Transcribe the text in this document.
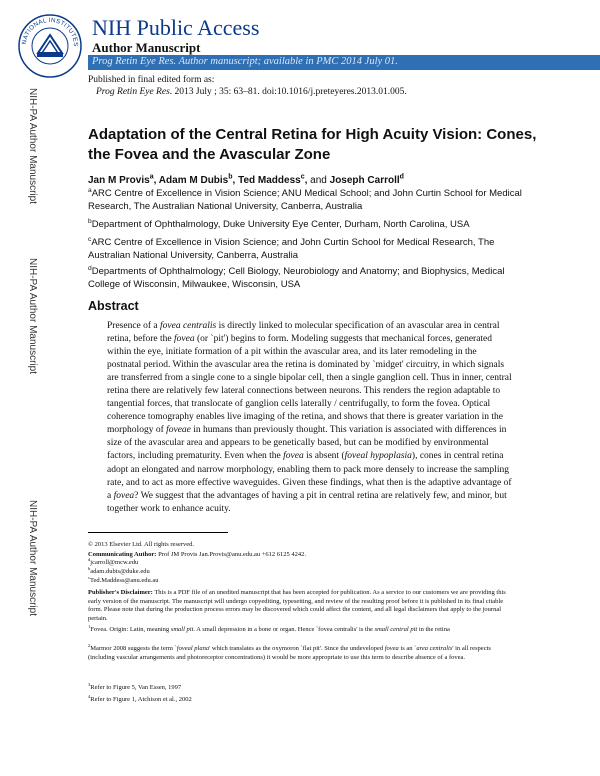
NATIONAL INSTITUTES
NIH Public Access
Author Manuscript
Prog Retin Eye Res. Author manuscript; available in PMC 2014 July 01.
NIH-PA Author Manuscript
NIH-PA Author Manuscript
NIH-PA Author Manuscript
Published in final edited form as:
Prog Retin Eye Res. 2013 July ; 35: 63–81. doi:10.1016/j.preteyeres.2013.01.005.
Adaptation of the Central Retina for High Acuity Vision: Cones, the Fovea and the Avascular Zone
Jan M Provis$^a$, Adam M Dubis$^b$, Ted Maddess$^c$, and Joseph Carroll$^d$
$^a$ARC Centre of Excellence in Vision Science; ANU Medical School; and John Curtin School for Medical Research, The Australian National University, Canberra, Australia
$^b$Department of Ophthalmology, Duke University Eye Center, Durham, North Carolina, USA
$^c$ARC Centre of Excellence in Vision Science; and John Curtin School for Medical Research, The Australian National University, Canberra, Australia
$^d$Departments of Ophthalmology; Cell Biology, Neurobiology and Anatomy; and Biophysics, Medical College of Wisconsin, Milwaukee, Wisconsin, USA
Abstract
Presence of a fovea centralis is directly linked to molecular specification of an avascular area in central retina, before the fovea (or `pit') begins to form. Modeling suggests that mechanical forces, generated within the eye, initiate formation of a pit within the avascular area, and its later remodeling in the postnatal period. Within the avascular area the retina is dominated by `midget' circuitry, in which signals are transferred from a single cone to a single bipolar cell, then a single ganglion cell. Thus in inner, central retina there are relatively few lateral connections between neurons. This renders the region adaptable to tangential forces, that translocate of ganglion cells laterally / centrifugally, to form the fovea. Optical coherence tomography enables live imaging of the retina, and shows that there is greater variation in the morphology of foveae in humans than previously thought. This variation is associated with differences in size of the avascular area and appears to be genetically based, but can be modified by environmental factors, including prematurity. Even when the fovea is absent (foveal hypoplasia), cones in central retina adopt an elongated and narrow morphology, enabling them to pack more densely to increase the sampling rate, and to act as more effective waveguides. Given these findings, what then is the adaptive advantage of a fovea? We suggest that the advantages of having a pit in central retina are relatively few, and minor, but together work to enhance acuity.
© 2013 Elsevier Ltd. All rights reserved.
Communicating Author: Prof JM Provis Jan.Provis@anu.edu.au +612 6125 4242.
$^d$jcarroll@mcw.edu
$^b$adam.dubis@duke.edu
$^c$Ted.Maddess@anu.edu.au
Publisher's Disclaimer: This is a PDF file of an unedited manuscript that has been accepted for publication. As a service to our customers we are providing this early version of the manuscript. The manuscript will undergo copyediting, typesetting, and review of the resulting proof before it is published in its final citable form. Please note that during the production process errors may be discovered which could affect the content, and all legal disclaimers that apply to the journal pertain.
$^1$Fovea. Origin: Latin, meaning small pit. A small depression in a bone or organ. Hence `fovea centralis' is the small central pit in the retina
$^2$Marmor 2008 suggests the term `foveal plana' which translates as the oxymoron `flat pit'. Since the undeveloped fovea is an `area centralis' in all respects (including vascular arrangements and photoreceptor concentrations) it would be more appropriate to use this term to describe absence of a fovea.
$^3$Refer to Figure 5, Van Essen, 1997
$^4$Refer to Figure 1, Atchison et al., 2002
